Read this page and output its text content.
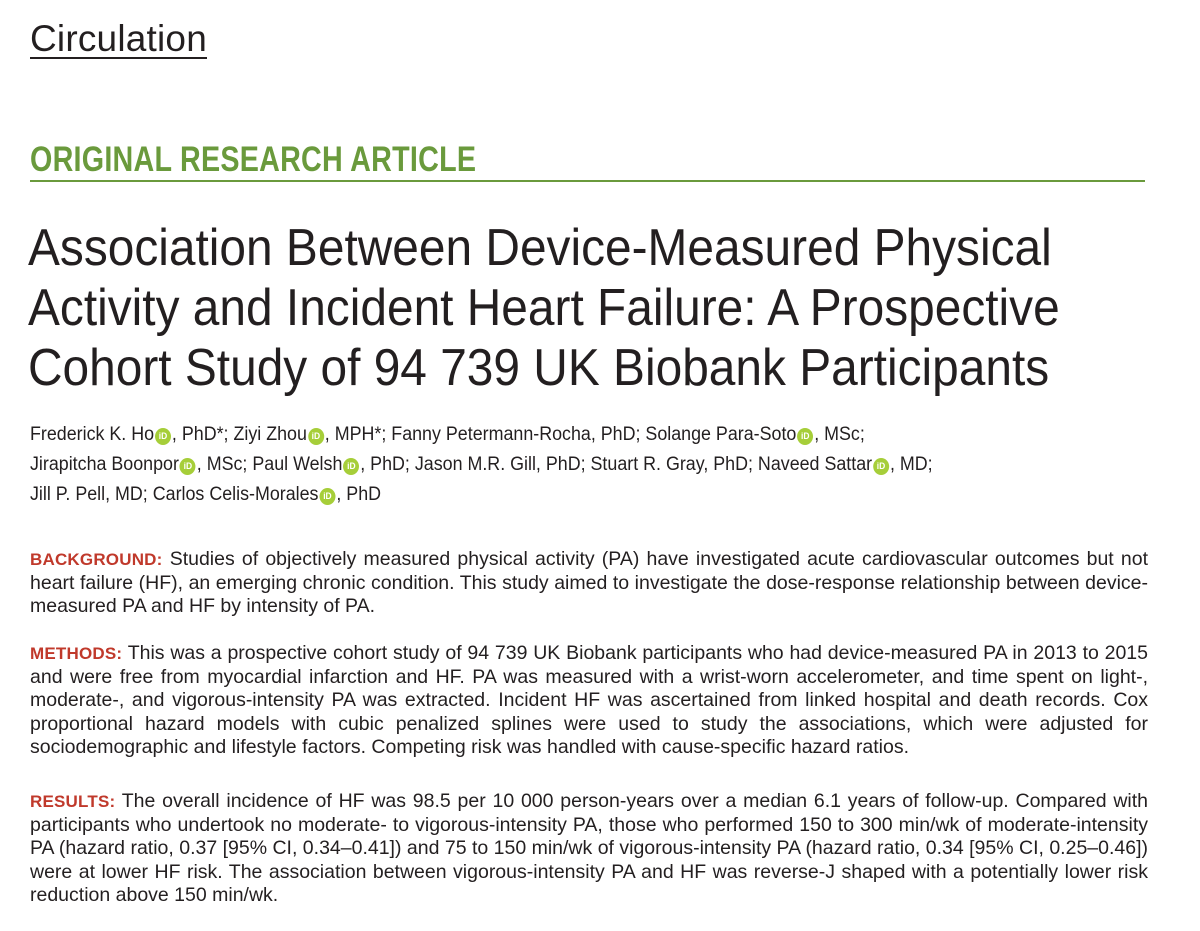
Circulation
ORIGINAL RESEARCH ARTICLE
Association Between Device-Measured Physical
Activity and Incident Heart Failure: A Prospective
Cohort Study of 94 739 UK Biobank Participants
Frederick K. Ho iD , PhD*; Ziyi Zhou iD , MPH*; Fanny Petermann-Rocha, PhD; Solange Para-Soto iD , MSc;
Jirapitcha Boonpor iD , MSc; Paul Welsh iD , PhD; Jason M.R. Gill, PhD; Stuart R. Gray, PhD; Naveed Sattar iD , MD;
Jill P. Pell, MD; Carlos Celis-Morales iD , PhD

BACKGROUND: Studies of objectively measured physical activity (PA) have investigated acute cardiovascular outcomes but not heart failure (HF), an emerging chronic condition. This study aimed to investigate the dose-response relationship between device-measured PA and HF by intensity of PA.

METHODS: This was a prospective cohort study of 94 739 UK Biobank participants who had device-measured PA in 2013 to 2015 and were free from myocardial infarction and HF. PA was measured with a wrist-worn accelerometer, and time spent on light-, moderate-, and vigorous-intensity PA was extracted. Incident HF was ascertained from linked hospital and death records. Cox proportional hazard models with cubic penalized splines were used to study the associations, which were adjusted for sociodemographic and lifestyle factors. Competing risk was handled with cause-specific hazard ratios.

RESULTS: The overall incidence of HF was 98.5 per 10 000 person-years over a median 6.1 years of follow-up. Compared with participants who undertook no moderate- to vigorous-intensity PA, those who performed 150 to 300 min/wk of moderate-intensity PA (hazard ratio, 0.37 [95% CI, 0.34–0.41]) and 75 to 150 min/wk of vigorous-intensity PA (hazard ratio, 0.34 [95% CI, 0.25–0.46]) were at lower HF risk. The association between vigorous-intensity PA and HF was reverse-J shaped with a potentially lower risk reduction above 150 min/wk.
